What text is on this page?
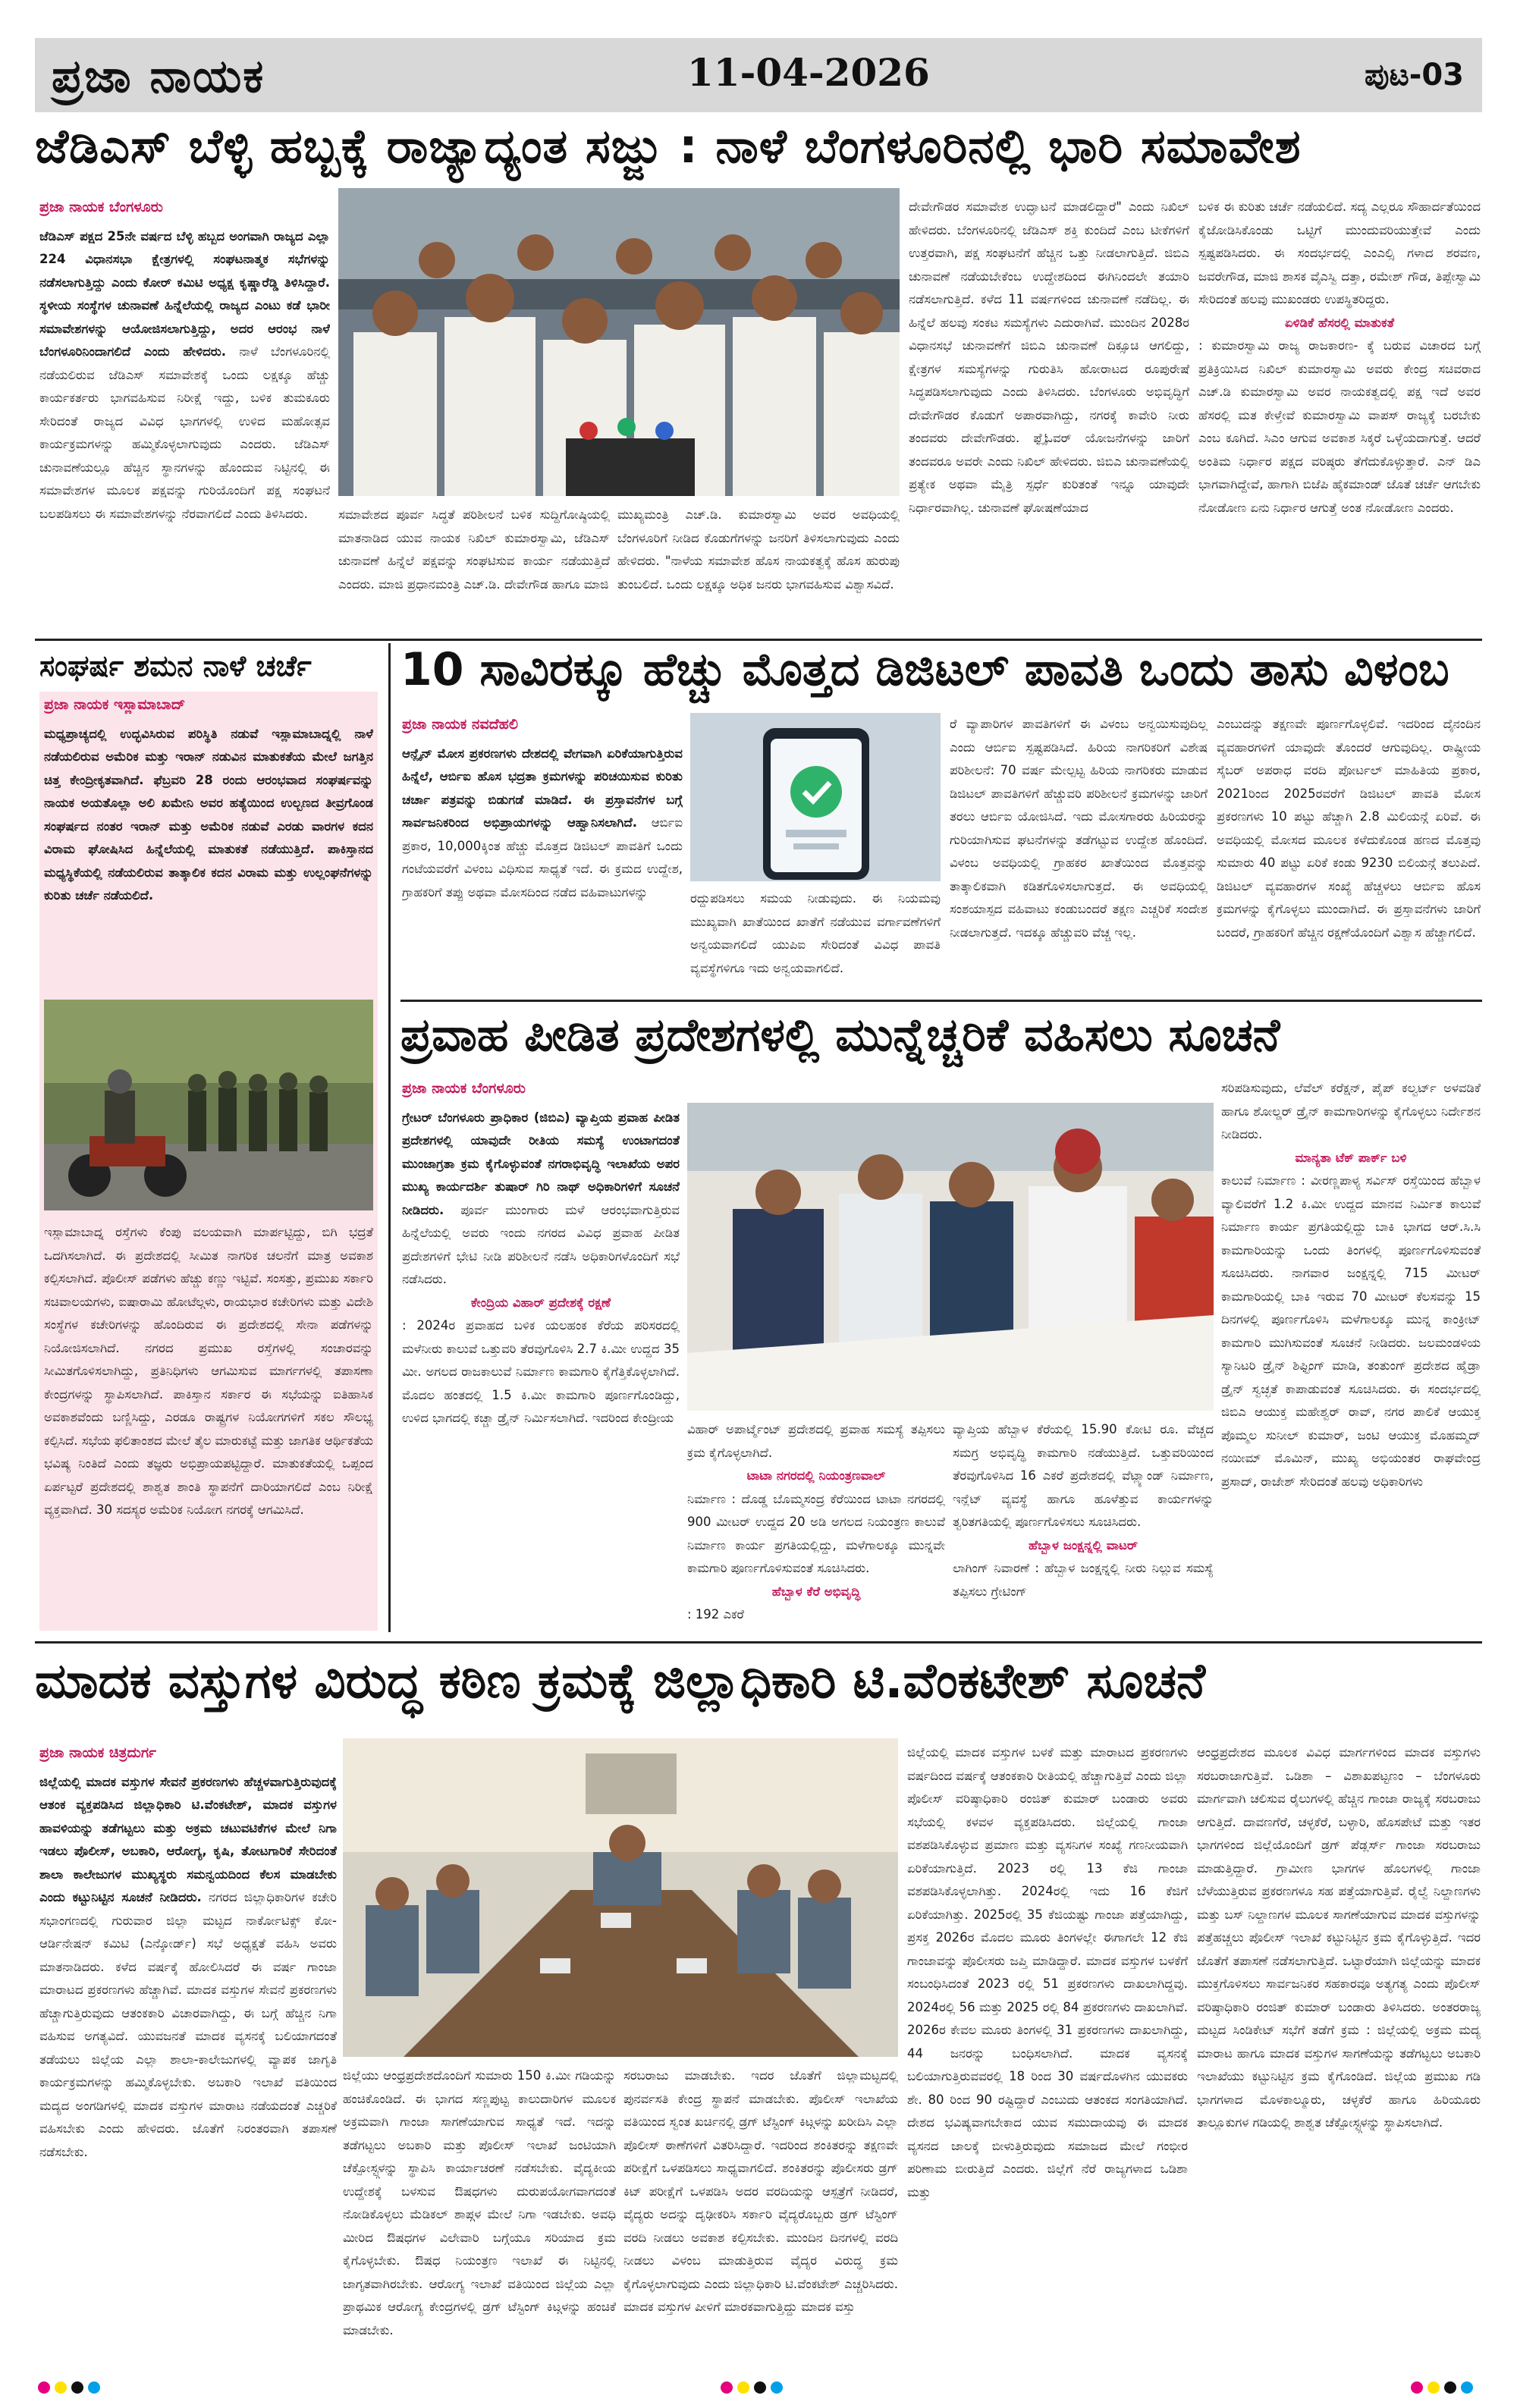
ಪ್ರಜಾ ನಾಯಕ	11-04-2026	ಪುಟ-03
ಜೆಡಿಎಸ್ ಬೆಳ್ಳಿ ಹಬ್ಬಕ್ಕೆ ರಾಜ್ಯಾದ್ಯಂತ ಸಜ್ಜು : ನಾಳೆ ಬೆಂಗಳೂರಿನಲ್ಲಿ ಭಾರಿ ಸಮಾವೇಶ
ಪ್ರಜಾ ನಾಯಕ ಬೆಂಗಳೂರು
ಜೆಡಿಎಸ್ ಪಕ್ಷದ 25ನೇ ವರ್ಷದ ಬೆಳ್ಳಿ ಹಬ್ಬದ ಅಂಗವಾಗಿ ರಾಜ್ಯದ ಎಲ್ಲಾ 224 ವಿಧಾನಸಭಾ ಕ್ಷೇತ್ರಗಳಲ್ಲಿ ಸಂಘಟನಾತ್ಮಕ ಸಭೆಗಳನ್ನು ನಡೆಸಲಾಗುತ್ತಿದ್ದು ಎಂದು ಕೋರ್ ಕಮಿಟಿ ಅಧ್ಯಕ್ಷ ಕೃಷ್ಣಾರೆಡ್ಡಿ ತಿಳಿಸಿದ್ದಾರೆ. ಸ್ಥಳೀಯ ಸಂಸ್ಥೆಗಳ ಚುನಾವಣೆ ಹಿನ್ನೆಲೆಯಲ್ಲಿ ರಾಜ್ಯದ ಎಂಟು ಕಡೆ ಭಾರೀ ಸಮಾವೇಶಗಳನ್ನು ಆಯೋಜಿಸಲಾಗುತ್ತಿದ್ದು, ಅದರ ಆರಂಭ ನಾಳೆ ಬೆಂಗಳೂರಿನಿಂದಾಗಲಿದೆ ಎಂದು ಹೇಳಿದರು. ನಾಳೆ ಬೆಂಗಳೂರಿನಲ್ಲಿ ನಡೆಯಲಿರುವ ಜೆಡಿಎಸ್ ಸಮಾವೇಶಕ್ಕೆ ಒಂದು ಲಕ್ಷಕ್ಕೂ ಹೆಚ್ಚು ಕಾರ್ಯಕರ್ತರು ಭಾಗವಹಿಸುವ ನಿರೀಕ್ಷೆ ಇದ್ದು, ಬಳಿಕ ತುಮಕೂರು ಸೇರಿದಂತೆ ರಾಜ್ಯದ ವಿವಿಧ ಭಾಗಗಳಲ್ಲಿ ಉಳಿದ ಮಹೋತ್ಸವ ಕಾರ್ಯಕ್ರಮಗಳನ್ನು ಹಮ್ಮಿಕೊಳ್ಳಲಾಗುವುದು ಎಂದರು. ಜೆಡಿಎಸ್ ಚುನಾವಣೆಯಲ್ಲೂ ಹೆಚ್ಚಿನ ಸ್ಥಾನಗಳನ್ನು ಹೊಂದುವ ನಿಟ್ಟಿನಲ್ಲಿ ಈ ಸಮಾವೇಶಗಳ ಮೂಲಕ ಪಕ್ಷವನ್ನು ಗುರಿಯೊಂದಿಗೆ ಪಕ್ಷ ಸಂಘಟನೆ ಬಲಪಡಿಸಲು ಈ ಸಮಾವೇಶಗಳನ್ನು ನೆರವಾಗಲಿದೆ ಎಂದು ತಿಳಿಸಿದರು.	ಸಮಾವೇಶದ ಪೂರ್ವ ಸಿದ್ಧತೆ ಪರಿಶೀಲನೆ ಬಳಿಕ ಸುದ್ದಿಗೋಷ್ಠಿಯಲ್ಲಿ ಮಾತನಾಡಿದ ಯುವ ನಾಯಕ ನಿಖಿಲ್ ಕುಮಾರಸ್ವಾಮಿ, ಜೆಡಿಎಸ್ ಚುನಾವಣೆ ಹಿನ್ನೆಲೆ ಪಕ್ಷವನ್ನು ಸಂಘಟಿಸುವ ಕಾರ್ಯ ನಡೆಯುತ್ತಿದೆ ಎಂದರು. ಮಾಜಿ ಪ್ರಧಾನಮಂತ್ರಿ ಎಚ್.ಡಿ. ದೇವೇಗೌಡ ಹಾಗೂ ಮಾಜಿ
ಮುಖ್ಯಮಂತ್ರಿ ಎಚ್.ಡಿ. ಕುಮಾರಸ್ವಾಮಿ ಅವರ ಅವಧಿಯಲ್ಲಿ ಬೆಂಗಳೂರಿಗೆ ನೀಡಿದ ಕೊಡುಗೆಗಳನ್ನು ಜನರಿಗೆ ತಿಳಿಸಲಾಗುವುದು ಎಂದು ಹೇಳಿದರು. "ನಾಳೆಯ ಸಮಾವೇಶ ಹೊಸ ನಾಯಕತ್ವಕ್ಕೆ ಹೊಸ ಹುರುಪು ತುಂಬಲಿದೆ. ಒಂದು ಲಕ್ಷಕ್ಕೂ ಅಧಿಕ ಜನರು ಭಾಗವಹಿಸುವ ವಿಶ್ವಾಸವಿದೆ.
ದೇವೇಗೌಡರ ಸಮಾವೇಶ ಉದ್ಘಾಟನೆ ಮಾಡಲಿದ್ದಾರೆ" ಎಂದು ನಿಖಿಲ್ ಹೇಳಿದರು. ಬೆಂಗಳೂರಿನಲ್ಲಿ ಜೆಡಿಎಸ್ ಶಕ್ತಿ ಕುಂದಿದೆ ಎಂಬ ಟೀಕೆಗಳಿಗೆ ಉತ್ತರವಾಗಿ, ಪಕ್ಷ ಸಂಘಟನೆಗೆ ಹೆಚ್ಚಿನ ಒತ್ತು ನೀಡಲಾಗುತ್ತಿದೆ. ಜಿಬಿಎ ಚುನಾವಣೆ ನಡೆಯಬೇಕೆಂಬ ಉದ್ದೇಶದಿಂದ ಈಗಿನಿಂದಲೇ ತಯಾರಿ ನಡೆಸಲಾಗುತ್ತಿದೆ. ಕಳೆದ 11 ವರ್ಷಗಳಿಂದ ಚುನಾವಣೆ ನಡೆದಿಲ್ಲ. ಈ ಹಿನ್ನೆಲೆ ಹಲವು ಸಂಕಟ ಸಮಸ್ಯೆಗಳು ಎದುರಾಗಿವೆ. ಮುಂದಿನ 2028ರ ವಿಧಾನಸಭೆ ಚುನಾವಣೆಗೆ ಜಿಬಿಎ ಚುನಾವಣೆ ದಿಕ್ಸೂಚಿ ಆಗಲಿದ್ದು, ಕ್ಷೇತ್ರಗಳ ಸಮಸ್ಯೆಗಳನ್ನು ಗುರುತಿಸಿ ಹೋರಾಟದ ರೂಪುರೇಷೆ ಸಿದ್ಧಪಡಿಸಲಾಗುವುದು ಎಂದು ತಿಳಿಸಿದರು. ಬೆಂಗಳೂರು ಅಭಿವೃದ್ಧಿಗೆ ದೇವೇಗೌಡರ ಕೊಡುಗೆ ಅಪಾರವಾಗಿದ್ದು, ನಗರಕ್ಕೆ ಕಾವೇರಿ ನೀರು ತಂದವರು ದೇವೇಗೌಡರು. ಫ್ಲೈಓವರ್ ಯೋಜನೆಗಳನ್ನು ಜಾರಿಗೆ ತಂದವರೂ ಅವರೇ ಎಂದು ನಿಖಿಲ್ ಹೇಳಿದರು. ಜಿಬಿಎ ಚುನಾವಣೆಯಲ್ಲಿ ಪ್ರತ್ಯೇಕ ಅಥವಾ ಮೈತ್ರಿ ಸ್ಪರ್ಧೆ ಕುರಿತಂತೆ ಇನ್ನೂ ಯಾವುದೇ ನಿರ್ಧಾರವಾಗಿಲ್ಲ. ಚುನಾವಣೆ ಘೋಷಣೆಯಾದ
ಬಳಿಕ ಈ ಕುರಿತು ಚರ್ಚೆ ನಡೆಯಲಿದೆ. ಸದ್ಯ ಎಲ್ಲರೂ ಸೌಹಾರ್ದತೆಯಿಂದ ಕೈಜೋಡಿಸಿಕೊಂಡು ಒಟ್ಟಿಗೆ ಮುಂದುವರಿಯುತ್ತೇವೆ ಎಂದು ಸ್ಪಷ್ಟಪಡಿಸಿದರು. ಈ ಸಂದರ್ಭದಲ್ಲಿ ಎಂಎಲ್ಸಿ ಗಳಾದ ಶರವಣ, ಜವರೇಗೌಡ, ಮಾಜಿ ಶಾಸಕ ವೈಎಸ್ವಿ ದತ್ತಾ, ರಮೇಶ್ ಗೌಡ, ತಿಪ್ಪೇಸ್ವಾಮಿ ಸೇರಿದಂತೆ ಹಲವು ಮುಖಂಡರು ಉಪಸ್ಥಿತರಿದ್ದರು.
ಏಳಿಡಿಕೆ ಹೆಸರಲ್ಲಿ ಮಾತುಕತೆ
: ಕುಮಾರಸ್ವಾಮಿ ರಾಜ್ಯ ರಾಜಕಾರಣ- ಕ್ಕೆ ಬರುವ ವಿಚಾರದ ಬಗ್ಗೆ ಪ್ರತಿಕ್ರಿಯಿಸಿದ ನಿಖಿಲ್ ಕುಮಾರಸ್ವಾಮಿ ಅವರು ಕೇಂದ್ರ ಸಚಿವರಾದ ಎಚ್.ಡಿ ಕುಮಾರಸ್ವಾಮಿ ಅವರ ನಾಯಕತ್ವದಲ್ಲಿ ಪಕ್ಷ ಇದೆ ಅವರ ಹೆಸರಲ್ಲಿ ಮತ ಕೇಳ್ತೇವೆ ಕುಮಾರಸ್ವಾಮಿ ವಾಪಸ್ ರಾಜ್ಯಕ್ಕೆ ಬರಬೇಕು ಎಂಬ ಕೂಗಿದೆ. ಸಿಎಂ ಆಗುವ ಅವಕಾಶ ಸಿಕ್ಕರೆ ಒಳ್ಳೆಯದಾಗುತ್ತೆ. ಆದರೆ ಅಂತಿಮ ನಿರ್ಧಾರ ಪಕ್ಷದ ವರಿಷ್ಠರು ತೆಗೆದುಕೊಳ್ಳುತ್ತಾರೆ. ಎನ್ ಡಿಎ ಭಾಗವಾಗಿದ್ದೇವೆ, ಹಾಗಾಗಿ ಬಿಜೆಪಿ ಹೈಕಮಾಂಡ್ ಜೊತೆ ಚರ್ಚೆ ಆಗಬೇಕು ನೋಡೋಣ ಏನು ನಿರ್ಧಾರ ಆಗುತ್ತೆ ಅಂತ ನೋಡೋಣ ಎಂದರು.
ಸಂಘರ್ಷ ಶಮನ ನಾಳೆ ಚರ್ಚೆ
ಪ್ರಜಾ ನಾಯಕ ಇಸ್ಲಾಮಾಬಾದ್
ಮಧ್ಯಪ್ರಾಚ್ಯದಲ್ಲಿ ಉದ್ಭವಿಸಿರುವ ಪರಿಸ್ಥಿತಿ ನಡುವೆ ಇಸ್ಲಾಮಾಬಾದ್ನಲ್ಲಿ ನಾಳೆ ನಡೆಯಲಿರುವ ಅಮೆರಿಕ ಮತ್ತು ಇರಾನ್ ನಡುವಿನ ಮಾತುಕತೆಯ ಮೇಲೆ ಜಗತ್ತಿನ ಚಿತ್ತ ಕೇಂದ್ರೀಕೃತವಾಗಿದೆ. ಫೆಬ್ರವರಿ 28 ರಂದು ಆರಂಭವಾದ ಸಂಘರ್ಷವನ್ನು ನಾಯಕ ಅಯತೊಲ್ಲಾ ಅಲಿ ಖಮೇನಿ ಅವರ ಹತ್ಯೆಯಿಂದ ಉಲ್ಬಣದ ತೀವ್ರಗೊಂಡ ಸಂಘರ್ಷದ ನಂತರ ಇರಾನ್ ಮತ್ತು ಅಮೆರಿಕ ನಡುವೆ ಎರಡು ವಾರಗಳ ಕದನ ವಿರಾಮ ಘೋಷಿಸಿದ ಹಿನ್ನೆಲೆಯಲ್ಲಿ ಮಾತುಕತೆ ನಡೆಯುತ್ತಿದೆ. ಪಾಕಿಸ್ತಾನದ ಮಧ್ಯಸ್ಥಿಕೆಯಲ್ಲಿ ನಡೆಯಲಿರುವ ತಾತ್ಕಾಲಿಕ ಕದನ ವಿರಾಮ ಮತ್ತು ಉಲ್ಲಂಘನೆಗಳನ್ನು ಕುರಿತು ಚರ್ಚೆ ನಡೆಯಲಿದೆ.
ಇಸ್ಲಾಮಾಬಾದ್ನ ರಸ್ತೆಗಳು ಕೆಂಪು ವಲಯವಾಗಿ ಮಾರ್ಪಟ್ಟಿದ್ದು, ಬಿಗಿ ಭದ್ರತೆ ಒದಗಿಸಲಾಗಿದೆ. ಈ ಪ್ರದೇಶದಲ್ಲಿ ಸೀಮಿತ ನಾಗರಿಕ ಚಲನೆಗೆ ಮಾತ್ರ ಅವಕಾಶ ಕಲ್ಪಿಸಲಾಗಿದೆ. ಪೊಲೀಸ್ ಪಡೆಗಳು ಹೆಚ್ಚು ಕಣ್ಣು ಇಟ್ಟಿವೆ. ಸಂಸತ್ತು, ಪ್ರಮುಖ ಸರ್ಕಾರಿ ಸಚಿವಾಲಯಗಳು, ಐಷಾರಾಮಿ ಹೋಟೆಲ್ಗಳು, ರಾಯಭಾರ ಕಚೇರಿಗಳು ಮತ್ತು ವಿದೇಶಿ ಸಂಸ್ಥೆಗಳ ಕಚೇರಿಗಳನ್ನು ಹೊಂದಿರುವ ಈ ಪ್ರದೇಶದಲ್ಲಿ ಸೇನಾ ಪಡೆಗಳನ್ನು ನಿಯೋಜಿಸಲಾಗಿದೆ. ನಗರದ ಪ್ರಮುಖ ರಸ್ತೆಗಳಲ್ಲಿ ಸಂಚಾರವನ್ನು ಸೀಮಿತಗೊಳಿಸಲಾಗಿದ್ದು, ಪ್ರತಿನಿಧಿಗಳು ಆಗಮಿಸುವ ಮಾರ್ಗಗಳಲ್ಲಿ ತಪಾಸಣಾ ಕೇಂದ್ರಗಳನ್ನು ಸ್ಥಾಪಿಸಲಾಗಿದೆ. ಪಾಕಿಸ್ತಾನ ಸರ್ಕಾರ ಈ ಸಭೆಯನ್ನು ಐತಿಹಾಸಿಕ ಅವಕಾಶವೆಂದು ಬಣ್ಣಿಸಿದ್ದು, ಎರಡೂ ರಾಷ್ಟ್ರಗಳ ನಿಯೋಗಗಳಿಗೆ ಸಕಲ ಸೌಲಭ್ಯ ಕಲ್ಪಿಸಿದೆ. ಸಭೆಯ ಫಲಿತಾಂಶದ ಮೇಲೆ ತೈಲ ಮಾರುಕಟ್ಟೆ ಮತ್ತು ಜಾಗತಿಕ ಆರ್ಥಿಕತೆಯ ಭವಿಷ್ಯ ನಿಂತಿದೆ ಎಂದು ತಜ್ಞರು ಅಭಿಪ್ರಾಯಪಟ್ಟಿದ್ದಾರೆ. ಮಾತುಕತೆಯಲ್ಲಿ ಒಪ್ಪಂದ ಏರ್ಪಟ್ಟರೆ ಪ್ರದೇಶದಲ್ಲಿ ಶಾಶ್ವತ ಶಾಂತಿ ಸ್ಥಾಪನೆಗೆ ದಾರಿಯಾಗಲಿದೆ ಎಂಬ ನಿರೀಕ್ಷೆ ವ್ಯಕ್ತವಾಗಿದೆ. 30 ಸದಸ್ಯರ ಅಮೆರಿಕ ನಿಯೋಗ ನಗರಕ್ಕೆ ಆಗಮಿಸಿದೆ.
10 ಸಾವಿರಕ್ಕೂ ಹೆಚ್ಚು ಮೊತ್ತದ ಡಿಜಿಟಲ್ ಪಾವತಿ ಒಂದು ತಾಸು ವಿಳಂಬ
ಪ್ರಜಾ ನಾಯಕ ನವದೆಹಲಿ
ಆನ್ಲೈನ್ ಮೋಸ ಪ್ರಕರಣಗಳು ದೇಶದಲ್ಲಿ ವೇಗವಾಗಿ ಏರಿಕೆಯಾಗುತ್ತಿರುವ ಹಿನ್ನೆಲೆ, ಆರ್ಬಿಐ ಹೊಸ ಭದ್ರತಾ ಕ್ರಮಗಳನ್ನು ಪರಿಚಯಿಸುವ ಕುರಿತು ಚರ್ಚಾ ಪತ್ರವನ್ನು ಬಿಡುಗಡೆ ಮಾಡಿದೆ. ಈ ಪ್ರಸ್ತಾವನೆಗಳ ಬಗ್ಗೆ ಸಾರ್ವಜನಿಕರಿಂದ ಅಭಿಪ್ರಾಯಗಳನ್ನು ಆಹ್ವಾನಿಸಲಾಗಿದೆ. ಆರ್ಬಿಐ ಪ್ರಕಾರ, 10,000ಕ್ಕಿಂತ ಹೆಚ್ಚು ಮೊತ್ತದ ಡಿಜಿಟಲ್ ಪಾವತಿಗೆ ಒಂದು ಗಂಟೆಯವರೆಗೆ ವಿಳಂಬ ವಿಧಿಸುವ ಸಾಧ್ಯತೆ ಇದೆ. ಈ ಕ್ರಮದ ಉದ್ದೇಶ, ಗ್ರಾಹಕರಿಗೆ ತಪ್ಪು ಅಥವಾ ಮೋಸದಿಂದ ನಡೆದ ವಹಿವಾಟುಗಳನ್ನು	ರದ್ದುಪಡಿಸಲು ಸಮಯ ನೀಡುವುದು. ಈ ನಿಯಮವು ಮುಖ್ಯವಾಗಿ ಖಾತೆಯಿಂದ ಖಾತೆಗೆ ನಡೆಯುವ ವರ್ಗಾವಣೆಗಳಿಗೆ ಅನ್ವಯವಾಗಲಿದೆ ಯುಪಿಐ ಸೇರಿದಂತೆ ವಿವಿಧ ಪಾವತಿ ವ್ಯವಸ್ಥೆಗಳಿಗೂ ಇದು ಅನ್ವಯವಾಗಲಿದೆ.
ರೆ ವ್ಯಾಪಾರಿಗಳ ಪಾವತಿಗಳಿಗೆ ಈ ವಿಳಂಬ ಅನ್ವಯಿಸುವುದಿಲ್ಲ ಎಂದು ಆರ್ಬಿಐ ಸ್ಪಷ್ಟಪಡಿಸಿದೆ. ಹಿರಿಯ ನಾಗರಿಕರಿಗೆ ವಿಶೇಷ ಪರಿಶೀಲನೆ: 70 ವರ್ಷ ಮೇಲ್ಪಟ್ಟ ಹಿರಿಯ ನಾಗರಿಕರು ಮಾಡುವ ಡಿಜಿಟಲ್ ಪಾವತಿಗಳಿಗೆ ಹೆಚ್ಚುವರಿ ಪರಿಶೀಲನೆ ಕ್ರಮಗಳನ್ನು ಜಾರಿಗೆ ತರಲು ಆರ್ಬಿಐ ಯೋಜಿಸಿದೆ. ಇದು ಮೋಸಗಾರರು ಹಿರಿಯರನ್ನು ಗುರಿಯಾಗಿಸುವ ಘಟನೆಗಳನ್ನು ತಡೆಗಟ್ಟುವ ಉದ್ದೇಶ ಹೊಂದಿದೆ. ವಿಳಂಬ ಅವಧಿಯಲ್ಲಿ ಗ್ರಾಹಕರ ಖಾತೆಯಿಂದ ಮೊತ್ತವನ್ನು ತಾತ್ಕಾಲಿಕವಾಗಿ ಕಡಿತಗೊಳಿಸಲಾಗುತ್ತದೆ. ಈ ಅವಧಿಯಲ್ಲಿ ಸಂಶಯಾಸ್ಪದ ವಹಿವಾಟು ಕಂಡುಬಂದರೆ ತಕ್ಷಣ ಎಚ್ಚರಿಕೆ ಸಂದೇಶ ನೀಡಲಾಗುತ್ತದೆ. ಇದಕ್ಕೂ ಹೆಚ್ಚುವರಿ ವೆಚ್ಚ ಇಲ್ಲ.
ಎಂಬುದನ್ನು ತಕ್ಷಣವೇ ಪೂರ್ಣಗೊಳ್ಳಲಿವೆ. ಇದರಿಂದ ದೈನಂದಿನ ವ್ಯವಹಾರಗಳಿಗೆ ಯಾವುದೇ ತೊಂದರೆ ಆಗುವುದಿಲ್ಲ. ರಾಷ್ಟ್ರೀಯ ಸೈಬರ್ ಅಪರಾಧ ವರದಿ ಪೋರ್ಟಲ್ ಮಾಹಿತಿಯ ಪ್ರಕಾರ, 2021ರಿಂದ 2025ರವರೆಗೆ ಡಿಜಿಟಲ್ ಪಾವತಿ ಮೋಸ ಪ್ರಕರಣಗಳು 10 ಪಟ್ಟು ಹೆಚ್ಚಾಗಿ 2.8 ಮಿಲಿಯನ್ಗೆ ಏರಿವೆ. ಈ ಅವಧಿಯಲ್ಲಿ ಮೋಸದ ಮೂಲಕ ಕಳೆದುಕೊಂಡ ಹಣದ ಮೊತ್ತವು ಸುಮಾರು 40 ಪಟ್ಟು ಏರಿಕೆ ಕಂಡು 9230 ಬಿಲಿಯನ್ಗೆ ತಲುಪಿದೆ. ಡಿಜಿಟಲ್ ವ್ಯವಹಾರಗಳ ಸಂಖ್ಯೆ ಹೆಚ್ಚಳಲು ಆರ್ಬಿಐ ಹೊಸ ಕ್ರಮಗಳನ್ನು ಕೈಗೊಳ್ಳಲು ಮುಂದಾಗಿದೆ. ಈ ಪ್ರಸ್ತಾವನೆಗಳು ಜಾರಿಗೆ ಬಂದರೆ, ಗ್ರಾಹಕರಿಗೆ ಹೆಚ್ಚಿನ ರಕ್ಷಣೆಯೊಂದಿಗೆ ವಿಶ್ವಾಸ ಹೆಚ್ಚಾಗಲಿದೆ.
ಪ್ರವಾಹ ಪೀಡಿತ ಪ್ರದೇಶಗಳಲ್ಲಿ ಮುನ್ನೆಚ್ಚರಿಕೆ ವಹಿಸಲು ಸೂಚನೆ
ಪ್ರಜಾ ನಾಯಕ ಬೆಂಗಳೂರು
ಗ್ರೇಟರ್ ಬೆಂಗಳೂರು ಪ್ರಾಧಿಕಾರ (ಜಿಬಿಎ) ವ್ಯಾಪ್ತಿಯ ಪ್ರವಾಹ ಪೀಡಿತ ಪ್ರದೇಶಗಳಲ್ಲಿ ಯಾವುದೇ ರೀತಿಯ ಸಮಸ್ಯೆ ಉಂಟಾಗದಂತೆ ಮುಂಜಾಗ್ರತಾ ಕ್ರಮ ಕೈಗೊಳ್ಳುವಂತೆ ನಗರಾಭಿವೃದ್ಧಿ ಇಲಾಖೆಯ ಅಪರ ಮುಖ್ಯ ಕಾರ್ಯದರ್ಶಿ ತುಷಾರ್ ಗಿರಿ ನಾಥ್ ಅಧಿಕಾರಿಗಳಿಗೆ ಸೂಚನೆ ನೀಡಿದರು. ಪೂರ್ವ ಮುಂಗಾರು ಮಳೆ ಆರಂಭವಾಗುತ್ತಿರುವ ಹಿನ್ನೆಲೆಯಲ್ಲಿ ಅವರು ಇಂದು ನಗರದ ವಿವಿಧ ಪ್ರವಾಹ ಪೀಡಿತ ಪ್ರದೇಶಗಳಿಗೆ ಭೇಟಿ ನೀಡಿ ಪರಿಶೀಲನೆ ನಡೆಸಿ ಅಧಿಕಾರಿಗಳೊಂದಿಗೆ ಸಭೆ ನಡೆಸಿದರು.
ಕೇಂದ್ರಿಯ ವಿಹಾರ್ ಪ್ರದೇಶಕ್ಕೆ ರಕ್ಷಣೆ
: 2024ರ ಪ್ರವಾಹದ ಬಳಿಕ ಯಲಹಂಕ ಕೆರೆಯ ಪರಿಸರದಲ್ಲಿ ಮಳೆನೀರು ಕಾಲುವೆ ಒತ್ತುವರಿ ತೆರವುಗೊಳಿಸಿ 2.7 ಕಿ.ಮೀ ಉದ್ದದ 35 ಮೀ. ಅಗಲದ ರಾಜಕಾಲುವೆ ನಿರ್ಮಾಣ ಕಾಮಗಾರಿ ಕೈಗೆತ್ತಿಕೊಳ್ಳಲಾಗಿದೆ. ಮೊದಲ ಹಂತದಲ್ಲಿ 1.5 ಕಿ.ಮೀ ಕಾಮಗಾರಿ ಪೂರ್ಣಗೊಂಡಿದ್ದು, ಉಳಿದ ಭಾಗದಲ್ಲಿ ಕಚ್ಚಾ ಡ್ರೈನ್ ನಿರ್ಮಿಸಲಾಗಿದೆ. ಇದರಿಂದ ಕೇಂದ್ರೀಯ
ವಿಹಾರ್ ಅಪಾರ್ಟ್ಮೆಂಟ್ ಪ್ರದೇಶದಲ್ಲಿ ಪ್ರವಾಹ ಸಮಸ್ಯೆ ತಪ್ಪಿಸಲು ಕ್ರಮ ಕೈಗೊಳ್ಳಲಾಗಿದೆ.
ಟಾಟಾ ನಗರದಲ್ಲಿ ನಿಯಂತ್ರಣವಾಲ್
ನಿರ್ಮಾಣ : ದೊಡ್ಡ ಬೊಮ್ಮಸಂದ್ರ ಕೆರೆಯಿಂದ ಟಾಟಾ ನಗರದಲ್ಲಿ 900 ಮೀಟರ್ ಉದ್ದದ 20 ಅಡಿ ಅಗಲದ ನಿಯಂತ್ರಣ ಕಾಲುವೆ ನಿರ್ಮಾಣ ಕಾರ್ಯ ಪ್ರಗತಿಯಲ್ಲಿದ್ದು, ಮಳೆಗಾಲಕ್ಕೂ ಮುನ್ನವೇ ಕಾಮಗಾರಿ ಪೂರ್ಣಗೊಳಿಸುವಂತೆ ಸೂಚಿಸಿದರು.
ಹೆಬ್ಬಾಳ ಕೆರೆ ಅಭಿವೃದ್ಧಿ
: 192 ಎಕರೆ
ವ್ಯಾಪ್ತಿಯ ಹೆಬ್ಬಾಳ ಕೆರೆಯಲ್ಲಿ 15.90 ಕೋಟಿ ರೂ. ವೆಚ್ಚದ ಸಮಗ್ರ ಅಭಿವೃದ್ಧಿ ಕಾಮಗಾರಿ ನಡೆಯುತ್ತಿದೆ. ಒತ್ತುವರಿಯಿಂದ ತೆರವುಗೊಳಿಸಿದ 16 ಎಕರೆ ಪ್ರದೇಶದಲ್ಲಿ ವೆಟ್ಲ್ಯಾಂಡ್ ನಿರ್ಮಾಣ, ಇನ್ಲೆಟ್ ವ್ಯವಸ್ಥೆ ಹಾಗೂ ಹೂಳೆತ್ತುವ ಕಾರ್ಯಗಳನ್ನು ತ್ವರಿತಗತಿಯಲ್ಲಿ ಪೂರ್ಣಗೊಳಿಸಲು ಸೂಚಿಸಿದರು.
ಹೆಬ್ಬಾಳ ಜಂಕ್ಷನ್ನಲ್ಲಿ ವಾಟರ್
ಲಾಗಿಂಗ್ ನಿವಾರಣೆ : ಹೆಬ್ಬಾಳ ಜಂಕ್ಷನ್ನಲ್ಲಿ ನೀರು ನಿಲ್ಲುವ ಸಮಸ್ಯೆ ತಪ್ಪಿಸಲು ಗ್ರೇಟಿಂಗ್
ಸರಿಪಡಿಸುವುದು, ಲೆವೆಲ್ ಕರೆಕ್ಷನ್, ಪೈಪ್ ಕಲ್ವರ್ಟ್ ಅಳವಡಿಕೆ ಹಾಗೂ ಶೋಲ್ಡರ್ ಡ್ರೈನ್ ಕಾಮಗಾರಿಗಳನ್ನು ಕೈಗೊಳ್ಳಲು ನಿರ್ದೇಶನ ನೀಡಿದರು.
ಮಾನ್ಯತಾ ಟೆಕ್ ಪಾರ್ಕ್ ಬಳಿ
ಕಾಲುವೆ ನಿರ್ಮಾಣ : ವೀರಣ್ಣಪಾಳ್ಯ ಸರ್ವಿಸ್ ರಸ್ತೆಯಿಂದ ಹೆಬ್ಬಾಳ ವ್ಯಾಲಿವರೆಗೆ 1.2 ಕಿ.ಮೀ ಉದ್ದದ ಮಾನವ ನಿರ್ಮಿತ ಕಾಲುವೆ ನಿರ್ಮಾಣ ಕಾರ್ಯ ಪ್ರಗತಿಯಲ್ಲಿದ್ದು ಬಾಕಿ ಭಾಗದ ಆರ್.ಸಿ.ಸಿ ಕಾಮಗಾರಿಯನ್ನು ಒಂದು ತಿಂಗಳಲ್ಲಿ ಪೂರ್ಣಗೊಳಿಸುವಂತೆ ಸೂಚಿಸಿದರು. ನಾಗವಾರ ಜಂಕ್ಷನ್ನಲ್ಲಿ 715 ಮೀಟರ್ ಕಾಮಗಾರಿಯಲ್ಲಿ ಬಾಕಿ ಇರುವ 70 ಮೀಟರ್ ಕೆಲಸವನ್ನು 15 ದಿನಗಳಲ್ಲಿ ಪೂರ್ಣಗೊಳಿಸಿ ಮಳೆಗಾಲಕ್ಕೂ ಮುನ್ನ ಕಾಂಕ್ರೀಟ್ ಕಾಮಗಾರಿ ಮುಗಿಸುವಂತೆ ಸೂಚನೆ ನೀಡಿದರು. ಜಲಮಂಡಳಿಯ ಸ್ಯಾನಿಟರಿ ಡ್ರೈನ್ ಶಿಫ್ಟಿಂಗ್ ಮಾಡಿ, ತಂತುಂಗ್ ಪ್ರದೇಶದ ಹೈಡ್ರಾ ಡ್ರೈನ್ ಸ್ವಚ್ಛತೆ ಕಾಪಾಡುವಂತೆ ಸೂಚಿಸಿದರು. ಈ ಸಂದರ್ಭದಲ್ಲಿ ಜಿಬಿಎ ಆಯುಕ್ತ ಮಹೇಶ್ವರ್ ರಾವ್, ನಗರ ಪಾಲಿಕೆ ಆಯುಕ್ತ ಪೊಮ್ಮಲ ಸುನೀಲ್ ಕುಮಾರ್, ಜಂಟಿ ಆಯುಕ್ತ ಮೊಹಮ್ಮದ್ ನಯೀಮ್ ಮೊಮಿನ್, ಮುಖ್ಯ ಅಭಿಯಂತರ ರಾಘವೇಂದ್ರ ಪ್ರಸಾದ್, ರಾಜೇಶ್ ಸೇರಿದಂತೆ ಹಲವು ಅಧಿಕಾರಿಗಳು
ಮಾದಕ ವಸ್ತುಗಳ ವಿರುದ್ಧ ಕಠಿಣ ಕ್ರಮಕ್ಕೆ ಜಿಲ್ಲಾಧಿಕಾರಿ ಟಿ.ವೆಂಕಟೇಶ್ ಸೂಚನೆ
ಪ್ರಜಾ ನಾಯಕ ಚಿತ್ರದುರ್ಗ
ಜಿಲ್ಲೆಯಲ್ಲಿ ಮಾದಕ ವಸ್ತುಗಳ ಸೇವನೆ ಪ್ರಕರಣಗಳು ಹೆಚ್ಚಳವಾಗುತ್ತಿರುವುದಕ್ಕೆ ಆತಂಕ ವ್ಯಕ್ತಪಡಿಸಿದ ಜಿಲ್ಲಾಧಿಕಾರಿ ಟಿ.ವೆಂಕಟೇಶ್, ಮಾದಕ ವಸ್ತುಗಳ ಹಾವಳಿಯನ್ನು ತಡೆಗಟ್ಟಲು ಮತ್ತು ಅಕ್ರಮ ಚಟುವಟಿಕೆಗಳ ಮೇಲೆ ನಿಗಾ ಇಡಲು ಪೊಲೀಸ್, ಅಬಕಾರಿ, ಆರೋಗ್ಯ, ಕೃಷಿ, ತೋಟಗಾರಿಕೆ ಸೇರಿದಂತೆ ಶಾಲಾ ಕಾಲೇಜುಗಳ ಮುಖ್ಯಸ್ಥರು ಸಮನ್ವಯದಿಂದ ಕೆಲಸ ಮಾಡಬೇಕು ಎಂದು ಕಟ್ಟುನಿಟ್ಟಿನ ಸೂಚನೆ ನೀಡಿದರು. ನಗರದ ಜಿಲ್ಲಾಧಿಕಾರಿಗಳ ಕಚೇರಿ ಸಭಾಂಗಣದಲ್ಲಿ ಗುರುವಾರ ಜಿಲ್ಲಾ ಮಟ್ಟದ ನಾರ್ಕೋಟಿಕ್ಸ್ ಕೋ-ಆರ್ಡಿನೇಷನ್ ಕಮಿಟಿ (ಎನ್ಕೋರ್ಡ್) ಸಭೆ ಅಧ್ಯಕ್ಷತೆ ವಹಿಸಿ ಅವರು ಮಾತನಾಡಿದರು. ಕಳೆದ ವರ್ಷಕ್ಕೆ ಹೋಲಿಸಿದರೆ ಈ ವರ್ಷ ಗಾಂಜಾ ಮಾರಾಟದ ಪ್ರಕರಣಗಳು ಹೆಚ್ಚಾಗಿವೆ. ಮಾದಕ ವಸ್ತುಗಳ ಸೇವನೆ ಪ್ರಕರಣಗಳು ಹೆಚ್ಚಾಗುತ್ತಿರುವುದು ಆತಂಕಕಾರಿ ವಿಚಾರವಾಗಿದ್ದು, ಈ ಬಗ್ಗೆ ಹೆಚ್ಚಿನ ನಿಗಾ ವಹಿಸುವ ಅಗತ್ಯವಿದೆ. ಯುವಜನತೆ ಮಾದಕ ವ್ಯಸನಕ್ಕೆ ಬಲಿಯಾಗದಂತೆ ತಡೆಯಲು ಜಿಲ್ಲೆಯ ಎಲ್ಲಾ ಶಾಲಾ-ಕಾಲೇಜುಗಳಲ್ಲಿ ವ್ಯಾಪಕ ಜಾಗೃತಿ ಕಾರ್ಯಕ್ರಮಗಳನ್ನು ಹಮ್ಮಿಕೊಳ್ಳಬೇಕು. ಅಬಕಾರಿ ಇಲಾಖೆ ವತಿಯಿಂದ ಮದ್ಯದ ಅಂಗಡಿಗಳಲ್ಲಿ ಮಾದಕ ವಸ್ತುಗಳ ಮಾರಾಟ ನಡೆಯದಂತೆ ಎಚ್ಚರಿಕೆ ವಹಿಸಬೇಕು ಎಂದು ಹೇಳಿದರು. ಜೊತೆಗೆ ನಿರಂತರವಾಗಿ ತಪಾಸಣೆ ನಡೆಸಬೇಕು.
ಜಿಲ್ಲೆಯು ಆಂಧ್ರಪ್ರದೇಶದೊಂದಿಗೆ ಸುಮಾರು 150 ಕಿ.ಮೀ ಗಡಿಯನ್ನು ಹಂಚಿಕೊಂಡಿದೆ. ಈ ಭಾಗದ ಸಣ್ಣಪುಟ್ಟ ಕಾಲುದಾರಿಗಳ ಮೂಲಕ ಅಕ್ರಮವಾಗಿ ಗಾಂಜಾ ಸಾಗಣೆಯಾಗುವ ಸಾಧ್ಯತೆ ಇದೆ. ಇದನ್ನು ತಡೆಗಟ್ಟಲು ಅಬಕಾರಿ ಮತ್ತು ಪೊಲೀಸ್ ಇಲಾಖೆ ಜಂಟಿಯಾಗಿ ಚೆಕ್ಪೋಸ್ಟ್ಗಳನ್ನು ಸ್ಥಾಪಿಸಿ ಕಾರ್ಯಾಚರಣೆ ನಡೆಸಬೇಕು. ವೈದ್ಯಕೀಯ ಉದ್ದೇಶಕ್ಕೆ ಬಳಸುವ ಔಷಧಗಳು ದುರುಪಯೋಗವಾಗದಂತೆ ನೋಡಿಕೊಳ್ಳಲು ಮೆಡಿಕಲ್ ಶಾಪ್ಗಳ ಮೇಲೆ ನಿಗಾ ಇಡಬೇಕು. ಅವಧಿ ಮೀರಿದ ಔಷಧಗಳ ವಿಲೇವಾರಿ ಬಗ್ಗೆಯೂ ಸರಿಯಾದ ಕ್ರಮ ಕೈಗೊಳ್ಳಬೇಕು. ಔಷಧ ನಿಯಂತ್ರಣ ಇಲಾಖೆ ಈ ನಿಟ್ಟಿನಲ್ಲಿ ಜಾಗೃತವಾಗಿರಬೇಕು. ಆರೋಗ್ಯ ಇಲಾಖೆ ವತಿಯಿಂದ ಜಿಲ್ಲೆಯ ಎಲ್ಲಾ ಪ್ರಾಥಮಿಕ ಆರೋಗ್ಯ ಕೇಂದ್ರಗಳಲ್ಲಿ ಡ್ರಗ್ ಟೆಸ್ಟಿಂಗ್ ಕಿಟ್ಗಳನ್ನು ಹಂಚಿಕೆ ಮಾಡಬೇಕು.
ಸರಬರಾಜು ಮಾಡಬೇಕು. ಇದರ ಜೊತೆಗೆ ಜಿಲ್ಲಾಮಟ್ಟದಲ್ಲಿ ಪುನರ್ವಸತಿ ಕೇಂದ್ರ ಸ್ಥಾಪನೆ ಮಾಡಬೇಕು. ಪೊಲೀಸ್ ಇಲಾಖೆಯ ವತಿಯಿಂದ ಸ್ವಂತ ಖರ್ಚಿನಲ್ಲಿ ಡ್ರಗ್ ಟೆಸ್ಟಿಂಗ್ ಕಿಟ್ಗಳನ್ನು ಖರೀದಿಸಿ ಎಲ್ಲಾ ಪೊಲೀಸ್ ಠಾಣೆಗಳಿಗೆ ವಿತರಿಸಿದ್ದಾರೆ. ಇದರಿಂದ ಶಂಕಿತರನ್ನು ತಕ್ಷಣವೇ ಪರೀಕ್ಷೆಗೆ ಒಳಪಡಿಸಲು ಸಾಧ್ಯವಾಗಲಿದೆ. ಶಂಕಿತರನ್ನು ಪೊಲೀಸರು ಡ್ರಗ್ ಕಿಟ್ ಪರೀಕ್ಷೆಗೆ ಒಳಪಡಿಸಿ ಅದರ ವರದಿಯನ್ನು ಆಸ್ಪತ್ರೆಗೆ ನೀಡಿದರೆ, ವೈದ್ಯರು ಅದನ್ನು ದೃಢೀಕರಿಸಿ ಸರ್ಕಾರಿ ವೈದ್ಯರೊಬ್ಬರು ಡ್ರಗ್ ಟೆಸ್ಟಿಂಗ್ ವರದಿ ನೀಡಲು ಅವಕಾಶ ಕಲ್ಪಿಸಬೇಕು. ಮುಂದಿನ ದಿನಗಳಲ್ಲಿ ವರದಿ ನೀಡಲು ವಿಳಂಬ ಮಾಡುತ್ತಿರುವ ವೈದ್ಯರ ವಿರುದ್ಧ ಕ್ರಮ ಕೈಗೊಳ್ಳಲಾಗುವುದು ಎಂದು ಜಿಲ್ಲಾಧಿಕಾರಿ ಟಿ.ವೆಂಕಟೇಶ್ ಎಚ್ಚರಿಸಿದರು. ಮಾದಕ ವಸ್ತುಗಳ ಪೀಳಿಗೆ ಮಾರಕವಾಗುತ್ತಿದ್ದು ಮಾದಕ ವಸ್ತು
ಜಿಲ್ಲೆಯಲ್ಲಿ ಮಾದಕ ವಸ್ತುಗಳ ಬಳಕೆ ಮತ್ತು ಮಾರಾಟದ ಪ್ರಕರಣಗಳು ವರ್ಷದಿಂದ ವರ್ಷಕ್ಕೆ ಆತಂಕಕಾರಿ ರೀತಿಯಲ್ಲಿ ಹೆಚ್ಚಾಗುತ್ತಿವೆ ಎಂದು ಜಿಲ್ಲಾ ಪೊಲೀಸ್ ವರಿಷ್ಠಾಧಿಕಾರಿ ರಂಜಿತ್ ಕುಮಾರ್ ಬಂಡಾರು ಅವರು ಸಭೆಯಲ್ಲಿ ಕಳವಳ ವ್ಯಕ್ತಪಡಿಸಿದರು. ಜಿಲ್ಲೆಯಲ್ಲಿ ಗಾಂಜಾ ವಶಪಡಿಸಿಕೊಳ್ಳುವ ಪ್ರಮಾಣ ಮತ್ತು ವ್ಯಸನಿಗಳ ಸಂಖ್ಯೆ ಗಣನೀಯವಾಗಿ ಏರಿಕೆಯಾಗುತ್ತಿದೆ. 2023 ರಲ್ಲಿ 13 ಕೆಜಿ ಗಾಂಜಾ ವಶಪಡಿಸಿಕೊಳ್ಳಲಾಗಿತ್ತು. 2024ರಲ್ಲಿ ಇದು 16 ಕೆಜಿಗೆ ಏರಿಕೆಯಾಗಿತ್ತು. 2025ರಲ್ಲಿ 35 ಕೆಜಿಯಷ್ಟು ಗಾಂಜಾ ಪತ್ತೆಯಾಗಿದ್ದು, ಪ್ರಸಕ್ತ 2026ರ ಮೊದಲ ಮೂರು ತಿಂಗಳಲ್ಲೇ ಈಗಾಗಲೇ 12 ಕೆಜಿ ಗಾಂಜಾವನ್ನು ಪೊಲೀಸರು ಜಪ್ತಿ ಮಾಡಿದ್ದಾರೆ. ಮಾದಕ ವಸ್ತುಗಳ ಬಳಕೆಗೆ ಸಂಬಂಧಿಸಿದಂತೆ 2023 ರಲ್ಲಿ 51 ಪ್ರಕರಣಗಳು ದಾಖಲಾಗಿದ್ದವು. 2024ರಲ್ಲಿ 56 ಮತ್ತು 2025 ರಲ್ಲಿ 84 ಪ್ರಕರಣಗಳು ದಾಖಲಾಗಿವೆ. 2026ರ ಕೇವಲ ಮೂರು ತಿಂಗಳಲ್ಲಿ 31 ಪ್ರಕರಣಗಳು ದಾಖಲಾಗಿದ್ದು, 44 ಜನರನ್ನು ಬಂಧಿಸಲಾಗಿದೆ. ಮಾದಕ ವ್ಯಸನಕ್ಕೆ ಬಲಿಯಾಗುತ್ತಿರುವವರಲ್ಲಿ 18 ರಿಂದ 30 ವರ್ಷದೊಳಗಿನ ಯುವಕರು ಶೇ. 80 ರಿಂದ 90 ರಷ್ಟಿದ್ದಾರೆ ಎಂಬುದು ಆತಂಕದ ಸಂಗತಿಯಾಗಿದೆ. ದೇಶದ ಭವಿಷ್ಯವಾಗಬೇಕಾದ ಯುವ ಸಮುದಾಯವು ಈ ಮಾದಕ ವ್ಯಸನದ ಜಾಲಕ್ಕೆ ಬೀಳುತ್ತಿರುವುದು ಸಮಾಜದ ಮೇಲೆ ಗಂಭೀರ ಪರಿಣಾಮ ಬೀರುತ್ತಿದೆ ಎಂದರು. ಜಿಲ್ಲೆಗೆ ನೆರೆ ರಾಜ್ಯಗಳಾದ ಒಡಿಶಾ ಮತ್ತು
ಆಂಧ್ರಪ್ರದೇಶದ ಮೂಲಕ ವಿವಿಧ ಮಾರ್ಗಗಳಿಂದ ಮಾದಕ ವಸ್ತುಗಳು ಸರಬರಾಜಾಗುತ್ತಿವೆ. ಒಡಿಶಾ – ವಿಶಾಖಪಟ್ಟಣಂ – ಬೆಂಗಳೂರು ಮಾರ್ಗವಾಗಿ ಚಲಿಸುವ ರೈಲುಗಳಲ್ಲಿ ಹೆಚ್ಚಿನ ಗಾಂಜಾ ರಾಜ್ಯಕ್ಕೆ ಸರಬರಾಜು ಆಗುತ್ತಿದೆ. ದಾವಣಗೆರೆ, ಚಳ್ಳಕೆರೆ, ಬಳ್ಳಾರಿ, ಹೊಸಪೇಟೆ ಮತ್ತು ಇತರ ಭಾಗಗಳಿಂದ ಜಿಲ್ಲೆಯೊಂದಿಗೆ ಡ್ರಗ್ ಪೆಡ್ಲರ್ಸ್ ಗಾಂಜಾ ಸರಬರಾಜು ಮಾಡುತ್ತಿದ್ದಾರೆ. ಗ್ರಾಮೀಣ ಭಾಗಗಳ ಹೊಲಗಳಲ್ಲಿ ಗಾಂಜಾ ಬೆಳೆಯುತ್ತಿರುವ ಪ್ರಕರಣಗಳೂ ಸಹ ಪತ್ತೆಯಾಗುತ್ತಿವೆ. ರೈಲ್ವೆ ನಿಲ್ದಾಣಗಳು ಮತ್ತು ಬಸ್ ನಿಲ್ದಾಣಗಳ ಮೂಲಕ ಸಾಗಣೆಯಾಗುವ ಮಾದಕ ವಸ್ತುಗಳನ್ನು ಪತ್ತೆಹಚ್ಚಲು ಪೊಲೀಸ್ ಇಲಾಖೆ ಕಟ್ಟುನಿಟ್ಟಿನ ಕ್ರಮ ಕೈಗೊಳ್ಳುತ್ತಿದೆ. ಇದರ ಜೊತೆಗೆ ತಪಾಸಣೆ ನಡೆಸಲಾಗುತ್ತಿದೆ. ಒಟ್ಟಾರೆಯಾಗಿ ಜಿಲ್ಲೆಯನ್ನು ಮಾದಕ ಮುಕ್ತಗೊಳಿಸಲು ಸಾರ್ವಜನಿಕರ ಸಹಕಾರವೂ ಅತ್ಯಗತ್ಯ ಎಂದು ಪೊಲೀಸ್ ವರಿಷ್ಠಾಧಿಕಾರಿ ರಂಜಿತ್ ಕುಮಾರ್ ಬಂಡಾರು ತಿಳಿಸಿದರು. ಅಂತರರಾಜ್ಯ ಮಟ್ಟದ ಸಿಂಡಿಕೇಟ್ ಸಭೆಗೆ ತಡೆಗೆ ಕ್ರಮ : ಜಿಲ್ಲೆಯಲ್ಲಿ ಅಕ್ರಮ ಮದ್ಯ ಮಾರಾಟ ಹಾಗೂ ಮಾದಕ ವಸ್ತುಗಳ ಸಾಗಣೆಯನ್ನು ತಡೆಗಟ್ಟಲು ಅಬಕಾರಿ ಇಲಾಖೆಯು ಕಟ್ಟುನಿಟ್ಟಿನ ಕ್ರಮ ಕೈಗೊಂಡಿದೆ. ಜಿಲ್ಲೆಯ ಪ್ರಮುಖ ಗಡಿ ಭಾಗಗಳಾದ ಮೊಳಕಾಲ್ಮೂರು, ಚಳ್ಳಕೆರೆ ಹಾಗೂ ಹಿರಿಯೂರು ತಾಲ್ಲೂಕುಗಳ ಗಡಿಯಲ್ಲಿ ಶಾಶ್ವತ ಚೆಕ್ಪೋಸ್ಟ್ಗಳನ್ನು ಸ್ಥಾಪಿಸಲಾಗಿದೆ.
